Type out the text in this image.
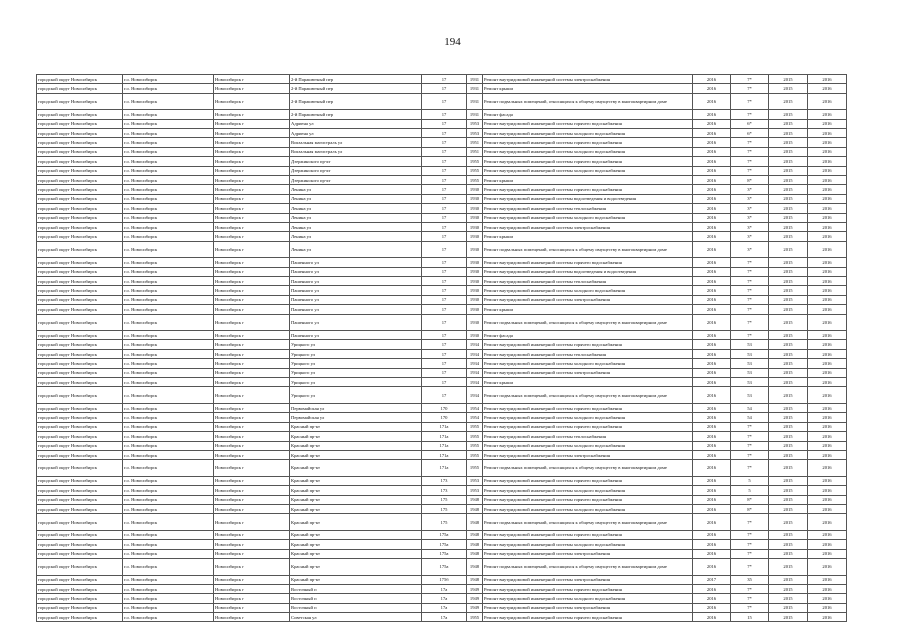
194
городской округ Новосибирск	г.о. Новосибирск	Новосибирск г	2-й Парашютный пер	17	1931	Ремонт внутридомовой инженерной системы электроснабжения	2016	7*	2015	2016
городской округ Новосибирск	г.о. Новосибирск	Новосибирск г	2-й Парашютный пер	17	1931	Ремонт крыши	2016	7*	2015	2016
городской округ Новосибирск	г.о. Новосибирск	Новосибирск г	2-й Парашютный пер	17	1931	Ремонт подвальных помещений, относящихся к общему имуществу в многоквартирном доме	2016	7*	2015	2016
городской округ Новосибирск	г.о. Новосибирск	Новосибирск г	2-й Парашютный пер	17	1931	Ремонт фасада	2016	7*	2015	2016
городской округ Новосибирск	г.о. Новосибирск	Новосибирск г	Адриена ул	17	1953	Ремонт внутридомовой инженерной системы горячего водоснабжения	2016	6*	2015	2016
городской округ Новосибирск	г.о. Новосибирск	Новосибирск г	Адриена ул	17	1953	Ремонт внутридомовой инженерной системы холодного водоснабжения	2016	6*	2015	2016
городской округ Новосибирск	г.о. Новосибирск	Новосибирск г	Вокзальная магистраль ул	17	1951	Ремонт внутридомовой инженерной системы горячего водоснабжения	2016	7*	2015	2016
городской округ Новосибирск	г.о. Новосибирск	Новосибирск г	Вокзальная магистраль ул	17	1951	Ремонт внутридомовой инженерной системы холодного водоснабжения	2016	7*	2015	2016
городской округ Новосибирск	г.о. Новосибирск	Новосибирск г	Дзержинского пр-кт	17	1955	Ремонт внутридомовой инженерной системы горячего водоснабжения	2016	7*	2015	2016
городской округ Новосибирск	г.о. Новосибирск	Новосибирск г	Дзержинского пр-кт	17	1955	Ремонт внутридомовой инженерной системы холодного водоснабжения	2016	7*	2015	2016
городской округ Новосибирск	г.о. Новосибирск	Новосибирск г	Дзержинского пр-кт	17	1955	Ремонт крыши	2016	8*	2015	2016
городской округ Новосибирск	г.о. Новосибирск	Новосибирск г	Ленина ул	17	1930	Ремонт внутридомовой инженерной системы горячего водоснабжения	2016	3*	2015	2016
городской округ Новосибирск	г.о. Новосибирск	Новосибирск г	Ленина ул	17	1930	Ремонт внутридомовой инженерной системы водоотведения и водоотведения	2016	3*	2015	2016
городской округ Новосибирск	г.о. Новосибирск	Новосибирск г	Ленина ул	17	1930	Ремонт внутридомовой инженерной системы теплоснабжения	2016	3*	2015	2016
городской округ Новосибирск	г.о. Новосибирск	Новосибирск г	Ленина ул	17	1930	Ремонт внутридомовой инженерной системы холодного водоснабжения	2016	3*	2015	2016
городской округ Новосибирск	г.о. Новосибирск	Новосибирск г	Ленина ул	17	1930	Ремонт внутридомовой инженерной системы электроснабжения	2016	3*	2015	2016
городской округ Новосибирск	г.о. Новосибирск	Новосибирск г	Ленина ул	17	1930	Ремонт крыши	2016	3*	2015	2016
городской округ Новосибирск	г.о. Новосибирск	Новосибирск г	Ленина ул	17	1930	Ремонт подвальных помещений, относящихся к общему имуществу в многоквартирном доме	2016	3*	2015	2016
городской округ Новосибирск	г.о. Новосибирск	Новосибирск г	Пашенного ул	17	1930	Ремонт внутридомовой инженерной системы горячего водоснабжения	2016	7*	2015	2016
городской округ Новосибирск	г.о. Новосибирск	Новосибирск г	Пашенного ул	17	1930	Ремонт внутридомовой инженерной системы водоотведения и водоотведения	2016	7*	2015	2016
городской округ Новосибирск	г.о. Новосибирск	Новосибирск г	Пашенного ул	17	1930	Ремонт внутридомовой инженерной системы теплоснабжения	2016	7*	2015	2016
городской округ Новосибирск	г.о. Новосибирск	Новосибирск г	Пашенного ул	17	1930	Ремонт внутридомовой инженерной системы холодного водоснабжения	2016	7*	2015	2016
городской округ Новосибирск	г.о. Новосибирск	Новосибирск г	Пашенного ул	17	1930	Ремонт внутридомовой инженерной системы электроснабжения	2016	7*	2015	2016
городской округ Новосибирск	г.о. Новосибирск	Новосибирск г	Пашенного ул	17	1930	Ремонт крыши	2016	7*	2015	2016
городской округ Новосибирск	г.о. Новосибирск	Новосибирск г	Пашенного ул	17	1930	Ремонт подвальных помещений, относящихся к общему имуществу в многоквартирном доме	2016	7*	2015	2016
городской округ Новосибирск	г.о. Новосибирск	Новосибирск г	Пашенного ул	17	1930	Ремонт фасада	2016	7*	2015	2016
городской округ Новосибирск	г.о. Новосибирск	Новосибирск г	Урицкого ул	17	1934	Ремонт внутридомовой инженерной системы горячего водоснабжения	2016	53	2015	2016
городской округ Новосибирск	г.о. Новосибирск	Новосибирск г	Урицкого ул	17	1934	Ремонт внутридомовой инженерной системы теплоснабжения	2016	53	2015	2016
городской округ Новосибирск	г.о. Новосибирск	Новосибирск г	Урицкого ул	17	1934	Ремонт внутридомовой инженерной системы холодного водоснабжения	2016	53	2015	2016
городской округ Новосибирск	г.о. Новосибирск	Новосибирск г	Урицкого ул	17	1934	Ремонт внутридомовой инженерной системы электроснабжения	2016	53	2015	2016
городской округ Новосибирск	г.о. Новосибирск	Новосибирск г	Урицкого ул	17	1934	Ремонт крыши	2016	53	2015	2016
городской округ Новосибирск	г.о. Новосибирск	Новосибирск г	Урицкого ул	17	1934	Ремонт подвальных помещений, относящихся к общему имуществу в многоквартирном доме	2016	53	2015	2016
городской округ Новосибирск	г.о. Новосибирск	Новосибирск г	Первомайская ул	170	1954	Ремонт внутридомовой инженерной системы горячего водоснабжения	2016	54	2015	2016
городской округ Новосибирск	г.о. Новосибирск	Новосибирск г	Первомайская ул	170	1954	Ремонт внутридомовой инженерной системы холодного водоснабжения	2016	54	2015	2016
городской округ Новосибирск	г.о. Новосибирск	Новосибирск г	Красный пр-кт	171а	1955	Ремонт внутридомовой инженерной системы горячего водоснабжения	2016	7*	2015	2016
городской округ Новосибирск	г.о. Новосибирск	Новосибирск г	Красный пр-кт	171а	1955	Ремонт внутридомовой инженерной системы теплоснабжения	2016	7*	2015	2016
городской округ Новосибирск	г.о. Новосибирск	Новосибирск г	Красный пр-кт	171а	1955	Ремонт внутридомовой инженерной системы холодного водоснабжения	2016	7*	2015	2016
городской округ Новосибирск	г.о. Новосибирск	Новосибирск г	Красный пр-кт	171а	1955	Ремонт внутридомовой инженерной системы электроснабжения	2016	7*	2015	2016
городской округ Новосибирск	г.о. Новосибирск	Новосибирск г	Красный пр-кт	171а	1955	Ремонт подвальных помещений, относящихся к общему имуществу в многоквартирном доме	2016	7*	2015	2016
городской округ Новосибирск	г.о. Новосибирск	Новосибирск г	Красный пр-кт	173	1953	Ремонт внутридомовой инженерной системы горячего водоснабжения	2016	5	2015	2016
городской округ Новосибирск	г.о. Новосибирск	Новосибирск г	Красный пр-кт	173	1953	Ремонт внутридомовой инженерной системы холодного водоснабжения	2016	5	2015	2016
городской округ Новосибирск	г.о. Новосибирск	Новосибирск г	Красный пр-кт	175	1948	Ремонт внутридомовой инженерной системы горячего водоснабжения	2016	8*	2015	2016
городской округ Новосибирск	г.о. Новосибирск	Новосибирск г	Красный пр-кт	175	1948	Ремонт внутридомовой инженерной системы холодного водоснабжения	2016	8*	2015	2016
городской округ Новосибирск	г.о. Новосибирск	Новосибирск г	Красный пр-кт	175	1948	Ремонт подвальных помещений, относящихся к общему имуществу в многоквартирном доме	2016	7*	2015	2016
городской округ Новосибирск	г.о. Новосибирск	Новосибирск г	Красный пр-кт	175а	1948	Ремонт внутридомовой инженерной системы горячего водоснабжения	2016	7*	2015	2016
городской округ Новосибирск	г.о. Новосибирск	Новосибирск г	Красный пр-кт	175а	1948	Ремонт внутридомовой инженерной системы холодного водоснабжения	2016	7*	2015	2016
городской округ Новосибирск	г.о. Новосибирск	Новосибирск г	Красный пр-кт	175а	1948	Ремонт внутридомовой инженерной системы электроснабжения	2016	7*	2015	2016
городской округ Новосибирск	г.о. Новосибирск	Новосибирск г	Красный пр-кт	175а	1948	Ремонт подвальных помещений, относящихся к общему имуществу в многоквартирном доме	2016	7*	2015	2016
городской округ Новосибирск	г.о. Новосибирск	Новосибирск г	Красный пр-кт	175б	1948	Ремонт внутридомовой инженерной системы электроснабжения	2017	35	2015	2016
городской округ Новосибирск	г.о. Новосибирск	Новосибирск г	Восточный п	17а	1949	Ремонт внутридомовой инженерной системы горячего водоснабжения	2016	7*	2015	2016
городской округ Новосибирск	г.о. Новосибирск	Новосибирск г	Восточный п	17а	1949	Ремонт внутридомовой инженерной системы холодного водоснабжения	2016	7*	2015	2016
городской округ Новосибирск	г.о. Новосибирск	Новосибирск г	Восточный п	17а	1949	Ремонт внутридомовой инженерной системы электроснабжения	2016	7*	2015	2016
городской округ Новосибирск	г.о. Новосибирск	Новосибирск г	Советская ул	17а	1955	Ремонт внутридомовой инженерной системы горячего водоснабжения	2016	15	2015	2016
